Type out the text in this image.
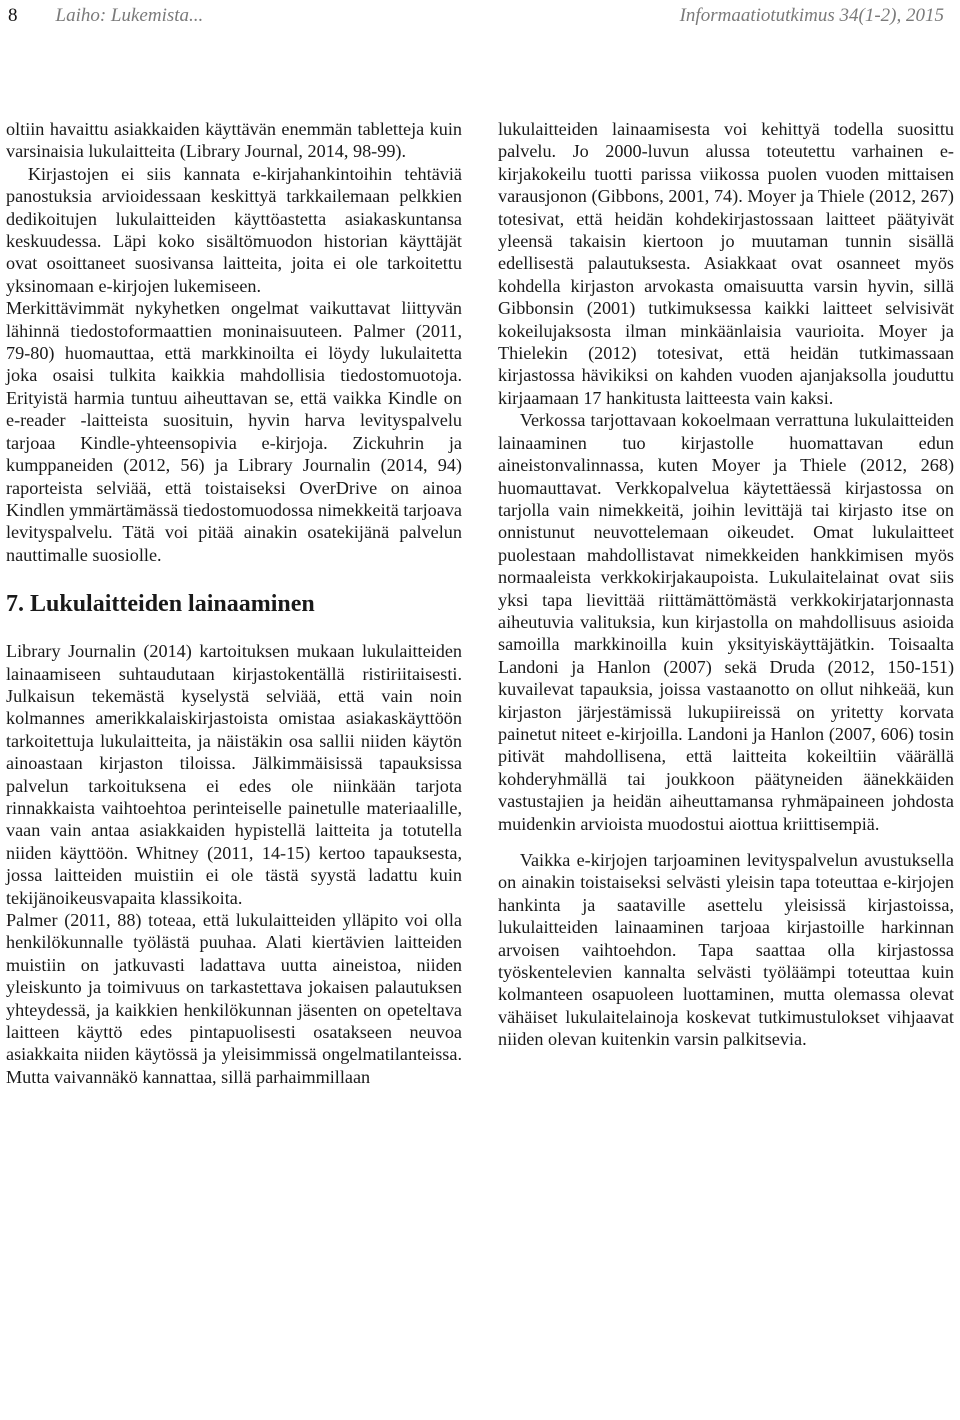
8 Laiho: Lukemista...	Informaatiotutkimus 34(1-2), 2015

oltiin havaittu asiakkaiden käyttävän enemmän tabletteja kuin varsinaisia lukulaitteita (Library Journal, 2014, 98-99).

Kirjastojen ei siis kannata e-kirjahankintoihin tehtäviä panostuksia arvioidessaan keskittyä tarkkailemaan pelkkien dedikoitujen lukulaitteiden käyttöastetta asiakaskuntansa keskuudessa. Läpi koko sisältömuodon historian käyttäjät ovat osoittaneet suosivansa laitteita, joita ei ole tarkoitettu yksinomaan e-kirjojen lukemiseen.

Merkittävimmät nykyhetken ongelmat vaikuttavat liittyvän lähinnä tiedostoformaattien moninaisuuteen. Palmer (2011, 79-80) huomauttaa, että markkinoilta ei löydy lukulaitetta joka osaisi tulkita kaikkia mahdollisia tiedostomuotoja. Erityistä harmia tuntuu aiheuttavan se, että vaikka Kindle on e-reader -laitteista suosituin, hyvin harva levityspalvelu tarjoaa Kindle-yhteensopivia e-kirjoja. Zickuhrin ja kumppaneiden (2012, 56) ja Library Journalin (2014, 94) raporteista selviää, että toistaiseksi OverDrive on ainoa Kindlen ymmärtämässä tiedostomuodossa nimekkeitä tarjoava levityspalvelu. Tätä voi pitää ainakin osatekijänä palvelun nauttimalle suosiolle.

7. Lukulaitteiden lainaaminen

Library Journalin (2014) kartoituksen mukaan lukulaitteiden lainaamiseen suhtaudutaan kirjastokentällä ristiriitaisesti. Julkaisun tekemästä kyselystä selviää, että vain noin kolmannes amerikkalaiskirjastoista omistaa asiakaskäyttöön tarkoitettuja lukulaitteita, ja näistäkin osa sallii niiden käytön ainoastaan kirjaston tiloissa. Jälkimmäisissä tapauksissa palvelun tarkoituksena ei edes ole niinkään tarjota rinnakkaista vaihtoehtoa perinteiselle painetulle materiaalille, vaan vain antaa asiakkaiden hypistellä laitteita ja totutella niiden käyttöön. Whitney (2011, 14-15) kertoo tapauksesta, jossa laitteiden muistiin ei ole tästä syystä ladattu kuin tekijänoikeusvapaita klassikoita.

Palmer (2011, 88) toteaa, että lukulaitteiden ylläpito voi olla henkilökunnalle työlästä puuhaa. Alati kiertävien laitteiden muistiin on jatkuvasti ladattava uutta aineistoa, niiden yleiskunto ja toimivuus on tarkastettava jokaisen palautuksen yhteydessä, ja kaikkien henkilökunnan jäsenten on opeteltava laitteen käyttö edes pintapuolisesti osatakseen neuvoa asiakkaita niiden käytössä ja yleisimmissä ongelmatilanteissa. Mutta vaivannäkö kannattaa, sillä parhaimmillaan

lukulaitteiden lainaamisesta voi kehittyä todella suosittu palvelu. Jo 2000-luvun alussa toteutettu varhainen e-kirjakokeilu tuotti parissa viikossa puolen vuoden mittaisen varausjonon (Gibbons, 2001, 74). Moyer ja Thiele (2012, 267) totesivat, että heidän kohdekirjastossaan laitteet päätyivät yleensä takaisin kiertoon jo muutaman tunnin sisällä edellisestä palautuksesta. Asiakkaat ovat osanneet myös kohdella kirjaston arvokasta omaisuutta varsin hyvin, sillä Gibbonsin (2001) tutkimuksessa kaikki laitteet selvisivät kokeilujaksosta ilman minkäänlaisia vaurioita. Moyer ja Thielekin (2012) totesivat, että heidän tutkimassaan kirjastossa hävikiksi on kahden vuoden ajanjaksolla jouduttu kirjaamaan 17 hankitusta laitteesta vain kaksi.

Verkossa tarjottavaan kokoelmaan verrattuna lukulaitteiden lainaaminen tuo kirjastolle huomattavan edun aineistonvalinnassa, kuten Moyer ja Thiele (2012, 268) huomauttavat. Verkkopalvelua käytettäessä kirjastossa on tarjolla vain nimekkeitä, joihin levittäjä tai kirjasto itse on onnistunut neuvottelemaan oikeudet. Omat lukulaitteet puolestaan mahdollistavat nimekkeiden hankkimisen myös normaaleista verkkokirjakaupoista. Lukulaitelainat ovat siis yksi tapa lievittää riittämättömästä verkkokirjatarjonnasta aiheutuvia valituksia, kun kirjastolla on mahdollisuus asioida samoilla markkinoilla kuin yksityiskäyttäjätkin. Toisaalta Landoni ja Hanlon (2007) sekä Druda (2012, 150-151) kuvailevat tapauksia, joissa vastaanotto on ollut nihkeää, kun kirjaston järjestämissä lukupiireissä on yritetty korvata painetut niteet e-kirjoilla. Landoni ja Hanlon (2007, 606) tosin pitivät mahdollisena, että laitteita kokeiltiin väärällä kohderyhmällä tai joukkoon päätyneiden äänekkäiden vastustajien ja heidän aiheuttamansa ryhmäpaineen johdosta muidenkin arvioista muodostui aiottua kriittisempiä.

Vaikka e-kirjojen tarjoaminen levityspalvelun avustuksella on ainakin toistaiseksi selvästi yleisin tapa toteuttaa e-kirjojen hankinta ja saataville asettelu yleisissä kirjastoissa, lukulaitteiden lainaaminen tarjoaa kirjastoille harkinnan arvoisen vaihtoehdon. Tapa saattaa olla kirjastossa työskentelevien kannalta selvästi työläämpi toteuttaa kuin kolmanteen osapuoleen luottaminen, mutta olemassa olevat vähäiset lukulaitelainoja koskevat tutkimustulokset vihjaavat niiden olevan kuitenkin varsin palkitsevia.
